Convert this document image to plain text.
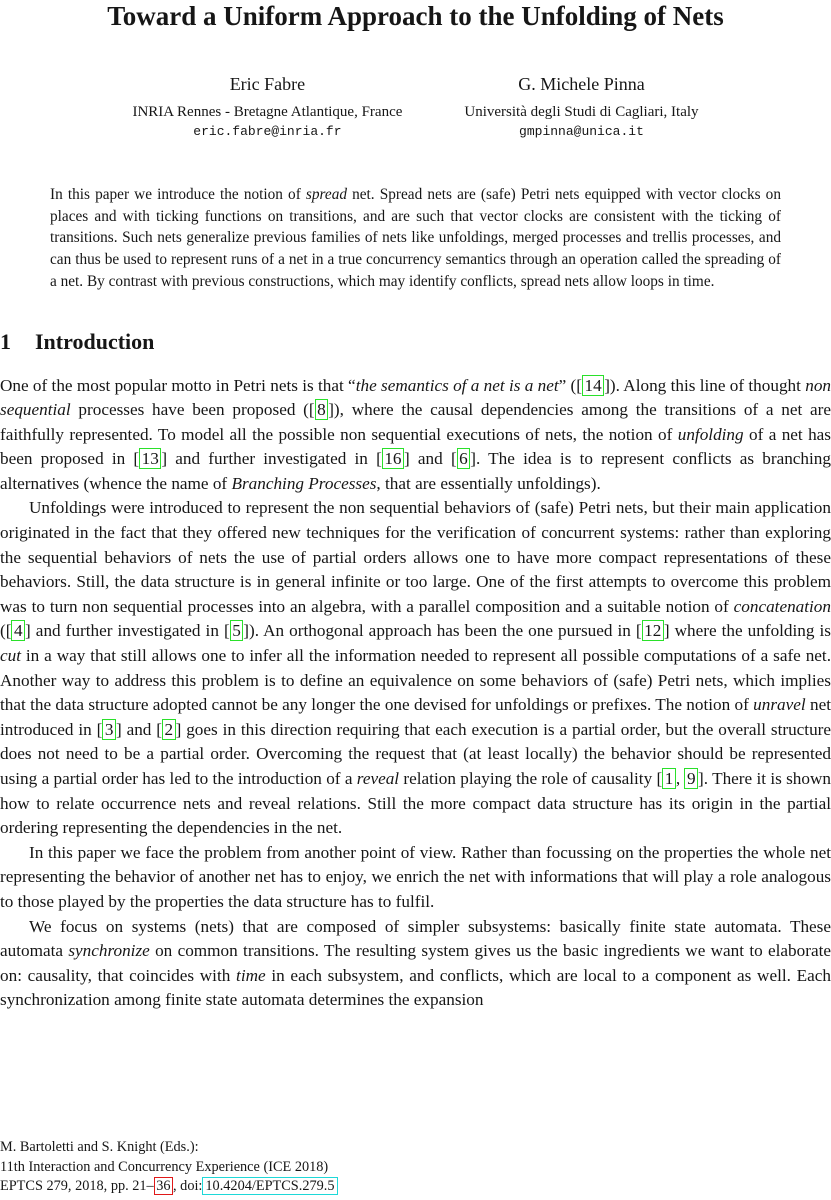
Toward a Uniform Approach to the Unfolding of Nets
Eric Fabre
INRIA Rennes - Bretagne Atlantique, France
eric.fabre@inria.fr
G. Michele Pinna
Università degli Studi di Cagliari, Italy
gmpinna@unica.it
In this paper we introduce the notion of spread net. Spread nets are (safe) Petri nets equipped with vector clocks on places and with ticking functions on transitions, and are such that vector clocks are consistent with the ticking of transitions. Such nets generalize previous families of nets like unfoldings, merged processes and trellis processes, and can thus be used to represent runs of a net in a true concurrency semantics through an operation called the spreading of a net. By contrast with previous constructions, which may identify conflicts, spread nets allow loops in time.
1 Introduction

One of the most popular motto in Petri nets is that “the semantics of a net is a net” ([ 14 ]). Along this line of thought non sequential processes have been proposed ([ 8 ]), where the causal dependencies among the transitions of a net are faithfully represented. To model all the possible non sequential executions of nets, the notion of unfolding of a net has been proposed in [ 13 ] and further investigated in [ 16 ] and [ 6 ]. The idea is to represent conflicts as branching alternatives (whence the name of Branching Processes, that are essentially unfoldings).

Unfoldings were introduced to represent the non sequential behaviors of (safe) Petri nets, but their main application originated in the fact that they offered new techniques for the verification of concurrent systems: rather than exploring the sequential behaviors of nets the use of partial orders allows one to have more compact representations of these behaviors. Still, the data structure is in general infinite or too large. One of the first attempts to overcome this problem was to turn non sequential processes into an algebra, with a parallel composition and a suitable notion of concatenation ([ 4 ] and further investigated in [ 5 ]). An orthogonal approach has been the one pursued in [ 12 ] where the unfolding is cut in a way that still allows one to infer all the information needed to represent all possible computations of a safe net. Another way to address this problem is to define an equivalence on some behaviors of (safe) Petri nets, which implies that the data structure adopted cannot be any longer the one devised for unfoldings or prefixes. The notion of unravel net introduced in [ 3 ] and [ 2 ] goes in this direction requiring that each execution is a partial order, but the overall structure does not need to be a partial order. Overcoming the request that (at least locally) the behavior should be represented using a partial order has led to the introduction of a reveal relation playing the role of causality [ 1 , 9 ]. There it is shown how to relate occurrence nets and reveal relations. Still the more compact data structure has its origin in the partial ordering representing the dependencies in the net.

In this paper we face the problem from another point of view. Rather than focussing on the properties the whole net representing the behavior of another net has to enjoy, we enrich the net with informations that will play a role analogous to those played by the properties the data structure has to fulfil.

We focus on systems (nets) that are composed of simpler subsystems: basically finite state automata. These automata synchronize on common transitions. The resulting system gives us the basic ingredients we want to elaborate on: causality, that coincides with time in each subsystem, and conflicts, which are local to a component as well. Each synchronization among finite state automata determines the expansion

M. Bartoletti and S. Knight (Eds.):
11th Interaction and Concurrency Experience (ICE 2018)
EPTCS 279, 2018, pp. 21– 36 , doi: 10.4204/EPTCS.279.5
